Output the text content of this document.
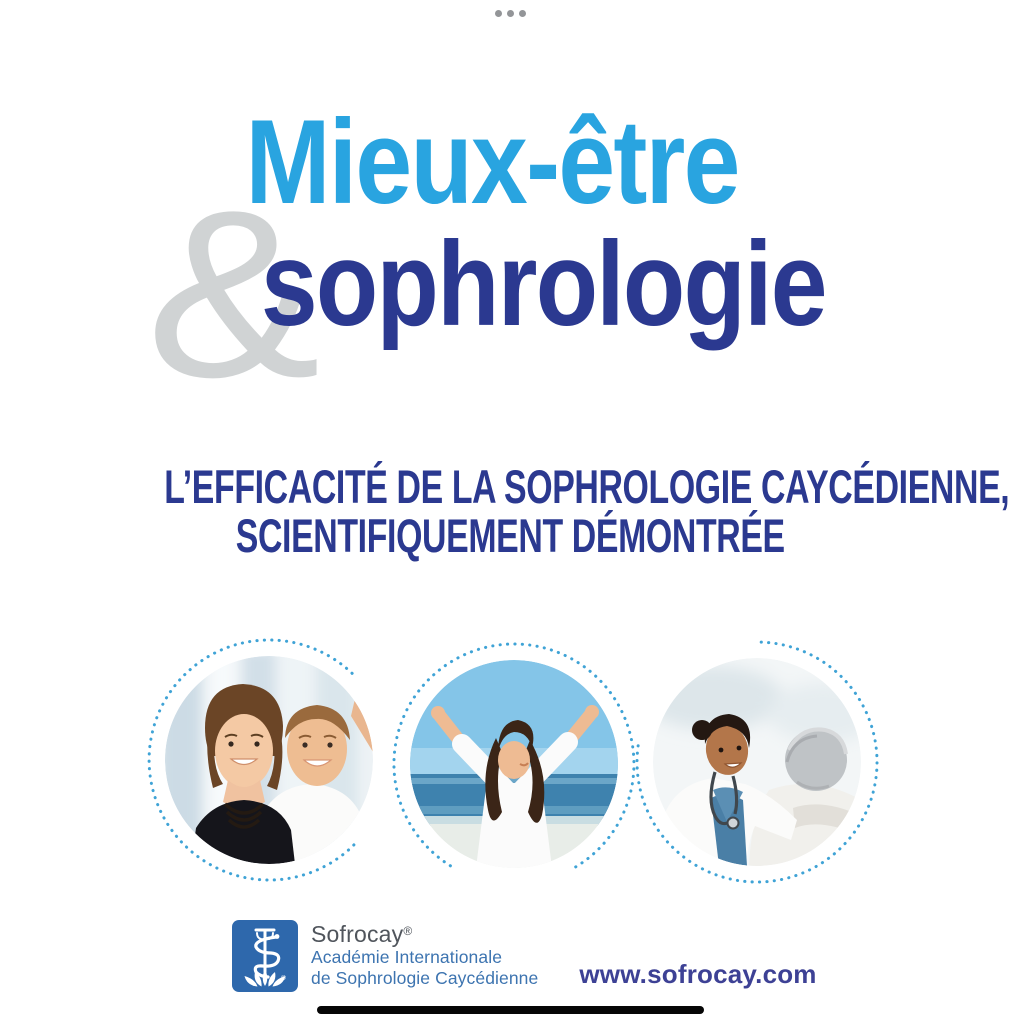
Mieux-être
&
sophrologie
L’EFFICACITÉ DE LA SOPHROLOGIE CAYCÉDIENNE,
SCIENTIFIQUEMENT DÉMONTRÉE
®
Sofrocay®
Académie Internationale
de Sophrologie Caycédienne	www.sofrocay.com
